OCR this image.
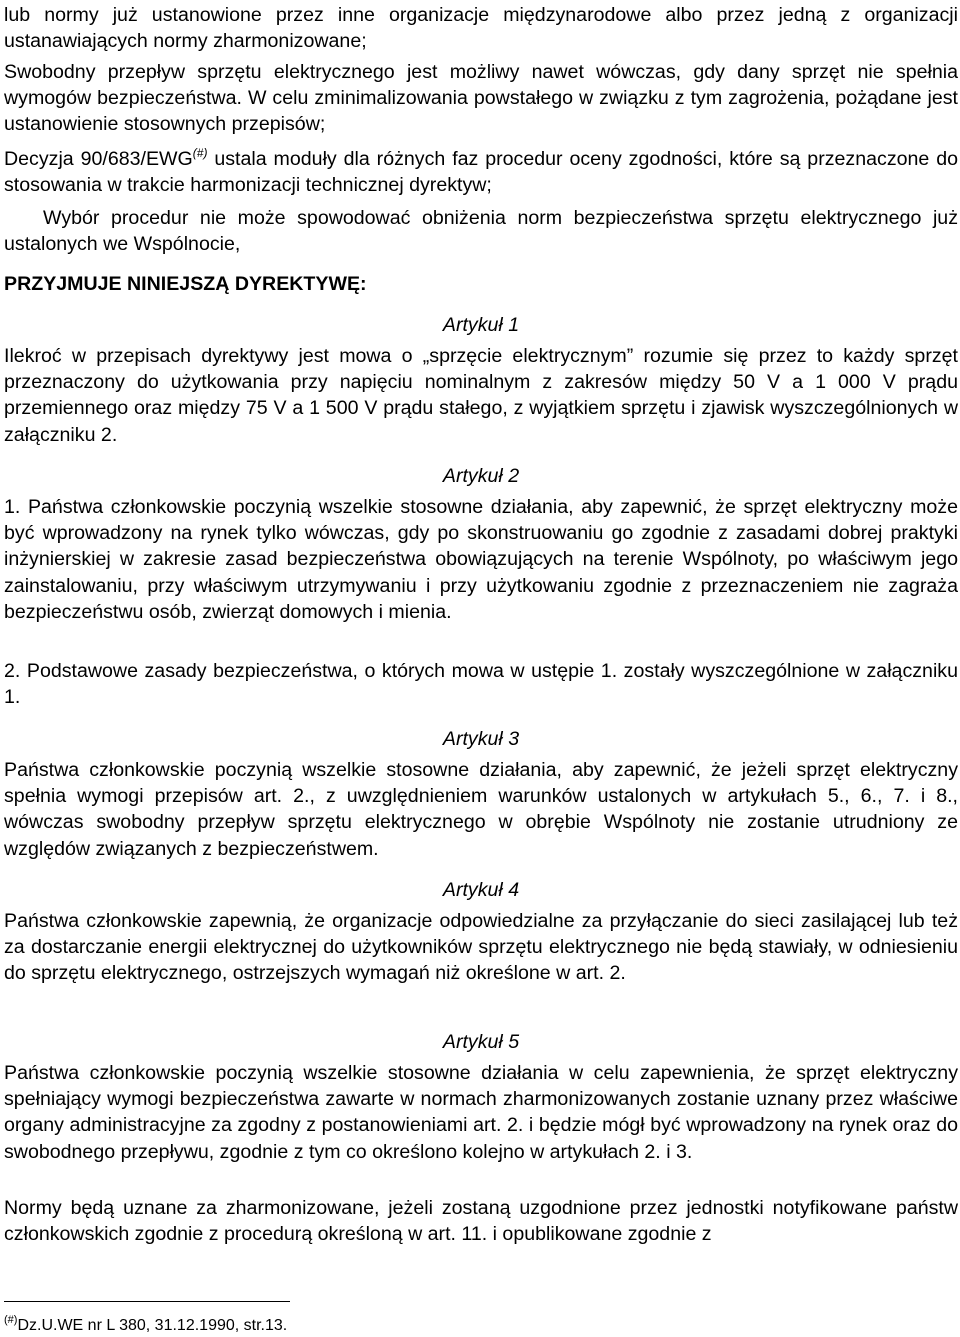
lub normy już ustanowione przez inne organizacje międzynarodowe albo przez jedną z organizacji ustanawiających normy zharmonizowane;

Swobodny przepływ sprzętu elektrycznego jest możliwy nawet wówczas, gdy dany sprzęt nie spełnia wymogów bezpieczeństwa. W celu zminimalizowania powstałego w związku z tym zagrożenia, pożądane jest ustanowienie stosownych przepisów;

Decyzja 90/683/EWG(#) ustala moduły dla różnych faz procedur oceny zgodności, które są przeznaczone do stosowania w trakcie harmonizacji technicznej dyrektyw;

Wybór procedur nie może spowodować obniżenia norm bezpieczeństwa sprzętu elektrycznego już ustalonych we Wspólnocie,

PRZYJMUJE NINIEJSZĄ DYREKTYWĘ:

Artykuł 1

Ilekroć w przepisach dyrektywy jest mowa o „sprzęcie elektrycznym” rozumie się przez to każdy sprzęt przeznaczony do użytkowania przy napięciu nominalnym z zakresów między 50 V a 1 000 V prądu przemiennego oraz między 75 V a 1 500 V prądu stałego, z wyjątkiem sprzętu i zjawisk wyszczególnionych w załączniku 2.

Artykuł 2

1. Państwa członkowskie poczynią wszelkie stosowne działania, aby zapewnić, że sprzęt elektryczny może być wprowadzony na rynek tylko wówczas, gdy po skonstruowaniu go zgodnie z zasadami dobrej praktyki inżynierskiej w zakresie zasad bezpieczeństwa obowiązujących na terenie Wspólnoty, po właściwym jego zainstalowaniu, przy właściwym utrzymywaniu i przy użytkowaniu zgodnie z przeznaczeniem nie zagraża bezpieczeństwu osób, zwierząt domowych i mienia.

2. Podstawowe zasady bezpieczeństwa, o których mowa w ustępie 1. zostały wyszczególnione w załączniku 1.

Artykuł 3

Państwa członkowskie poczynią wszelkie stosowne działania, aby zapewnić, że jeżeli sprzęt elektryczny spełnia wymogi przepisów art. 2., z uwzględnieniem warunków ustalonych w artykułach 5., 6., 7. i 8., wówczas swobodny przepływ sprzętu elektrycznego w obrębie Wspólnoty nie zostanie utrudniony ze względów związanych z bezpieczeństwem.

Artykuł 4

Państwa członkowskie zapewnią, że organizacje odpowiedzialne za przyłączanie do sieci zasilającej lub też za dostarczanie energii elektrycznej do użytkowników sprzętu elektrycznego nie będą stawiały, w odniesieniu do sprzętu elektrycznego, ostrzejszych wymagań niż określone w art. 2.

Artykuł 5

Państwa członkowskie poczynią wszelkie stosowne działania w celu zapewnienia, że sprzęt elektryczny spełniający wymogi bezpieczeństwa zawarte w normach zharmonizowanych zostanie uznany przez właściwe organy administracyjne za zgodny z postanowieniami art. 2. i będzie mógł być wprowadzony na rynek oraz do swobodnego przepływu, zgodnie z tym co określono kolejno w artykułach 2. i 3.

Normy będą uznane za zharmonizowane, jeżeli zostaną uzgodnione przez jednostki notyfikowane państw członkowskich zgodnie z procedurą określoną w art. 11. i opublikowane zgodnie z

(#)Dz.U.WE nr L 380, 31.12.1990, str.13.
